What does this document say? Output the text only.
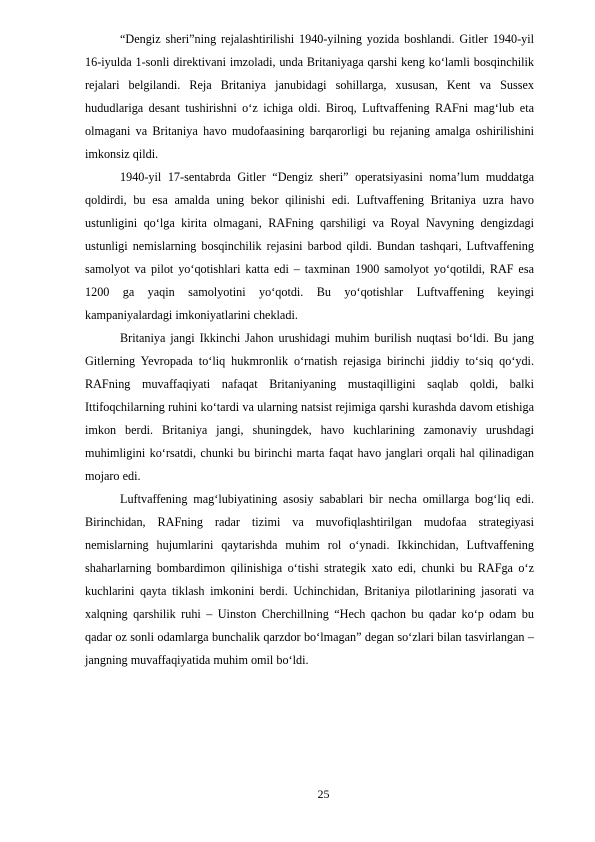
“Dengiz sheri”ning rejalashtirilishi 1940-yilning yozida boshlandi. Gitler 1940-yil 16-iyulda 1-sonli direktivani imzoladi, unda Britaniyaga qarshi keng koʻlamli bosqinchilik rejalari belgilandi. Reja Britaniya janubidagi sohillarga, xususan, Kent va Sussex hududlariga desant tushirishni oʻz ichiga oldi. Biroq, Luftvaffening RAFni magʻlub eta olmagani va Britaniya havo mudofaasining barqarorligi bu rejaning amalga oshirilishini imkonsiz qildi.

1940-yil 17-sentabrda Gitler “Dengiz sheri” operatsiyasini noma’lum muddatga qoldirdi, bu esa amalda uning bekor qilinishi edi. Luftvaffening Britaniya uzra havo ustunligini qoʻlga kirita olmagani, RAFning qarshiligi va Royal Navyning dengizdagi ustunligi nemislarning bosqinchilik rejasini barbod qildi. Bundan tashqari, Luftvaffening samolyot va pilot yoʻqotishlari katta edi – taxminan 1900 samolyot yoʻqotildi, RAF esa 1200 ga yaqin samolyotini yoʻqotdi. Bu yoʻqotishlar Luftvaffening keyingi kampaniyalardagi imkoniyatlarini chekladi.

Britaniya jangi Ikkinchi Jahon urushidagi muhim burilish nuqtasi boʻldi. Bu jang Gitlerning Yevropada toʻliq hukmronlik oʻrnatish rejasiga birinchi jiddiy toʻsiq qoʻydi. RAFning muvaffaqiyati nafaqat Britaniyaning mustaqilligini saqlab qoldi, balki Ittifoqchilarning ruhini koʻtardi va ularning natsist rejimiga qarshi kurashda davom etishiga imkon berdi. Britaniya jangi, shuningdek, havo kuchlarining zamonaviy urushdagi muhimligini koʻrsatdi, chunki bu birinchi marta faqat havo janglari orqali hal qilinadigan mojaro edi.

Luftvaffening magʻlubiyatining asosiy sabablari bir necha omillarga bogʻliq edi. Birinchidan, RAFning radar tizimi va muvofiqlashtirilgan mudofaa strategiyasi nemislarning hujumlarini qaytarishda muhim rol oʻynadi. Ikkinchidan, Luftvaffening shaharlarning bombardimon qilinishiga oʻtishi strategik xato edi, chunki bu RAFga oʻz kuchlarini qayta tiklash imkonini berdi. Uchinchidan, Britaniya pilotlarining jasorati va xalqning qarshilik ruhi – Uinston Cherchillning “Hech qachon bu qadar koʻp odam bu qadar oz sonli odamlarga bunchalik qarzdor boʻlmagan” degan soʻzlari bilan tasvirlangan – jangning muvaffaqiyatida muhim omil boʻldi.

25
